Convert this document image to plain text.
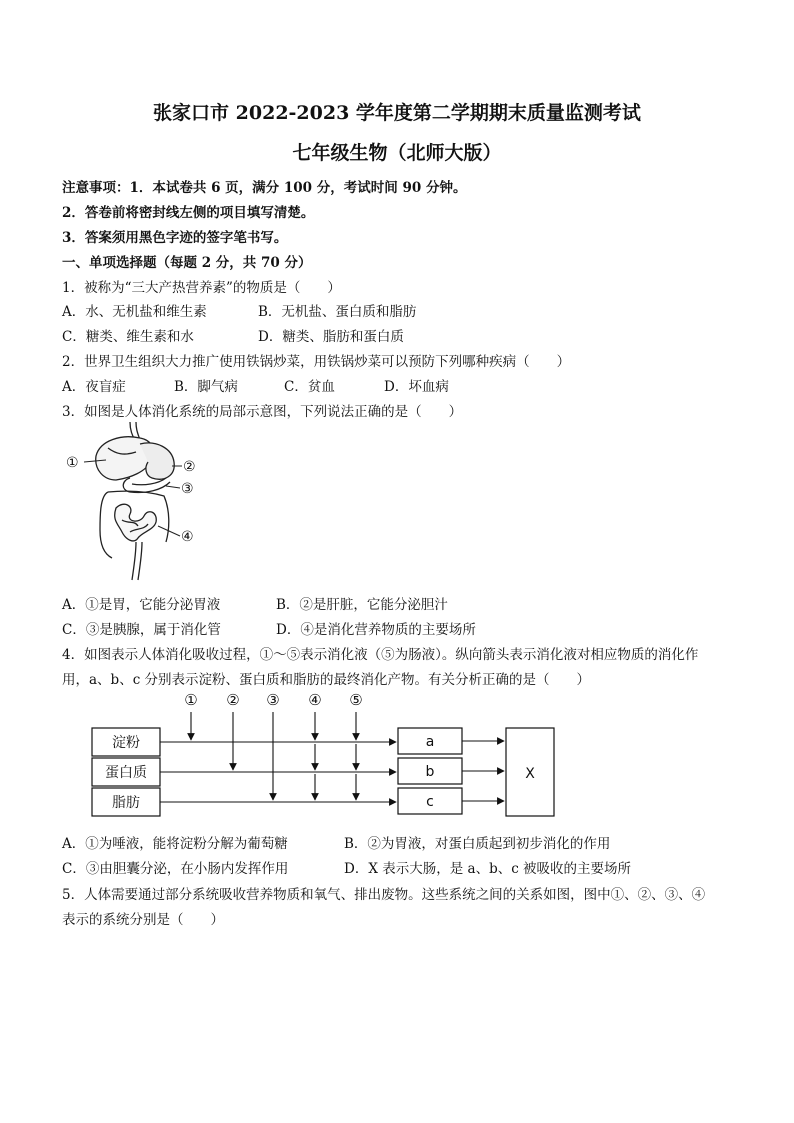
张家口市 2022-2023 学年度第二学期期末质量监测考试
七年级生物（北师大版）
注意事项：1．本试卷共 6 页，满分 100 分，考试时间 90 分钟。
2．答卷前将密封线左侧的项目填写清楚。
3．答案须用黑色字迹的签字笔书写。
一、单项选择题（每题 2 分，共 70 分）
1．被称为“三大产热营养素”的物质是（　　）
A．水、无机盐和维生素	B．无机盐、蛋白质和脂肪
C．糖类、维生素和水	D．糖类、脂肪和蛋白质
2．世界卫生组织大力推广使用铁锅炒菜，用铁锅炒菜可以预防下列哪种疾病（　　）
A．夜盲症	B．脚气病	C．贫血	D．坏血病
3．如图是人体消化系统的局部示意图，下列说法正确的是（　　）
①	②
③
④
A．①是胃，它能分泌胃液	B．②是肝脏，它能分泌胆汁
C．③是胰腺，属于消化管	D．④是消化营养物质的主要场所
4．如图表示人体消化吸收过程，①～⑤表示消化液（⑤为肠液）。纵向箭头表示消化液对相应物质的消化作
用，a、b、c 分别表示淀粉、蛋白质和脂肪的最终消化产物。有关分析正确的是（　　）
① ② ③ ④ ⑤
淀粉
蛋白质
脂肪
a
b
c
X
A．①为唾液，能将淀粉分解为葡萄糖	B．②为胃液，对蛋白质起到初步消化的作用
C．③由胆囊分泌，在小肠内发挥作用	D．X 表示大肠，是 a、b、c 被吸收的主要场所
5．人体需要通过部分系统吸收营养物质和氧气、排出废物。这些系统之间的关系如图，图中①、②、③、④
表示的系统分别是（　　）
